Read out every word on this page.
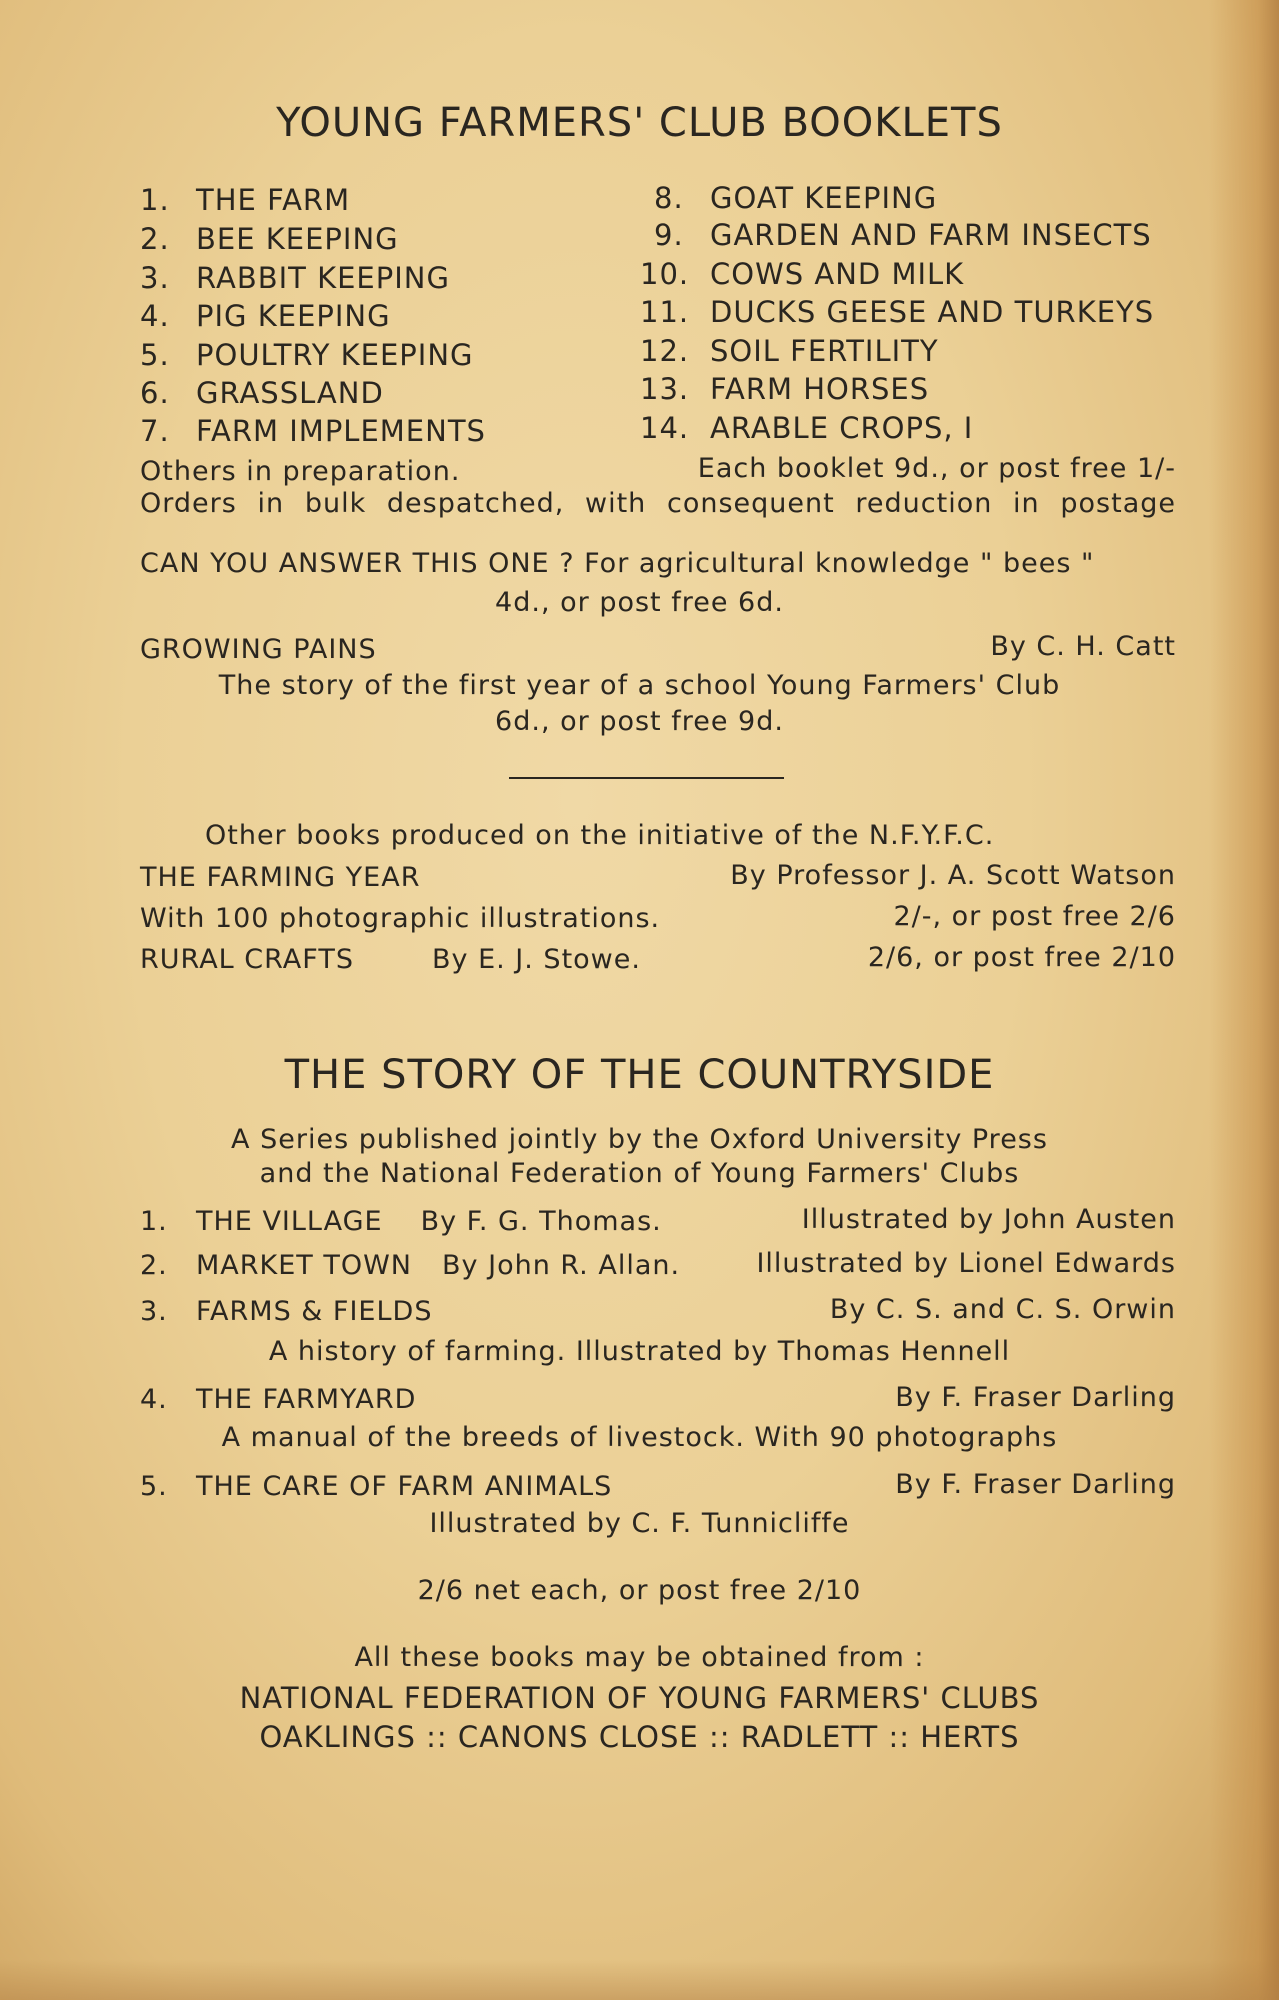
YOUNG FARMERS' CLUB BOOKLETS
1. THE FARM
2. BEE KEEPING
3. RABBIT KEEPING
4. PIG KEEPING
5. POULTRY KEEPING
6. GRASSLAND
7. FARM IMPLEMENTS
8. GOAT KEEPING
9. GARDEN AND FARM INSECTS
10. COWS AND MILK
11. DUCKS GEESE AND TURKEYS
12. SOIL FERTILITY
13. FARM HORSES
14. ARABLE CROPS, I
Others in preparation.	Each booklet 9d., or post free 1/-
Orders in bulk despatched, with consequent reduction in postage
CAN YOU ANSWER THIS ONE ? For agricultural knowledge " bees "
4d., or post free 6d.
GROWING PAINS	By C. H. Catt
The story of the first year of a school Young Farmers' Club
6d., or post free 9d.
Other books produced on the initiative of the N.F.Y.F.C.
THE FARMING YEAR	By Professor J. A. Scott Watson
With 100 photographic illustrations.	2/-, or post free 2/6
RURAL CRAFTS	By E. J. Stowe.	2/6, or post free 2/10
THE STORY OF THE COUNTRYSIDE
A Series published jointly by the Oxford University Press
and the National Federation of Young Farmers' Clubs
1. THE VILLAGE By F. G. Thomas.	Illustrated by John Austen
2. MARKET TOWN By John R. Allan.	Illustrated by Lionel Edwards
3. FARMS & FIELDS	By C. S. and C. S. Orwin
A history of farming. Illustrated by Thomas Hennell
4. THE FARMYARD	By F. Fraser Darling
A manual of the breeds of livestock. With 90 photographs
5. THE CARE OF FARM ANIMALS	By F. Fraser Darling
Illustrated by C. F. Tunnicliffe
2/6 net each, or post free 2/10
All these books may be obtained from :
NATIONAL FEDERATION OF YOUNG FARMERS' CLUBS
OAKLINGS :: CANONS CLOSE :: RADLETT :: HERTS
